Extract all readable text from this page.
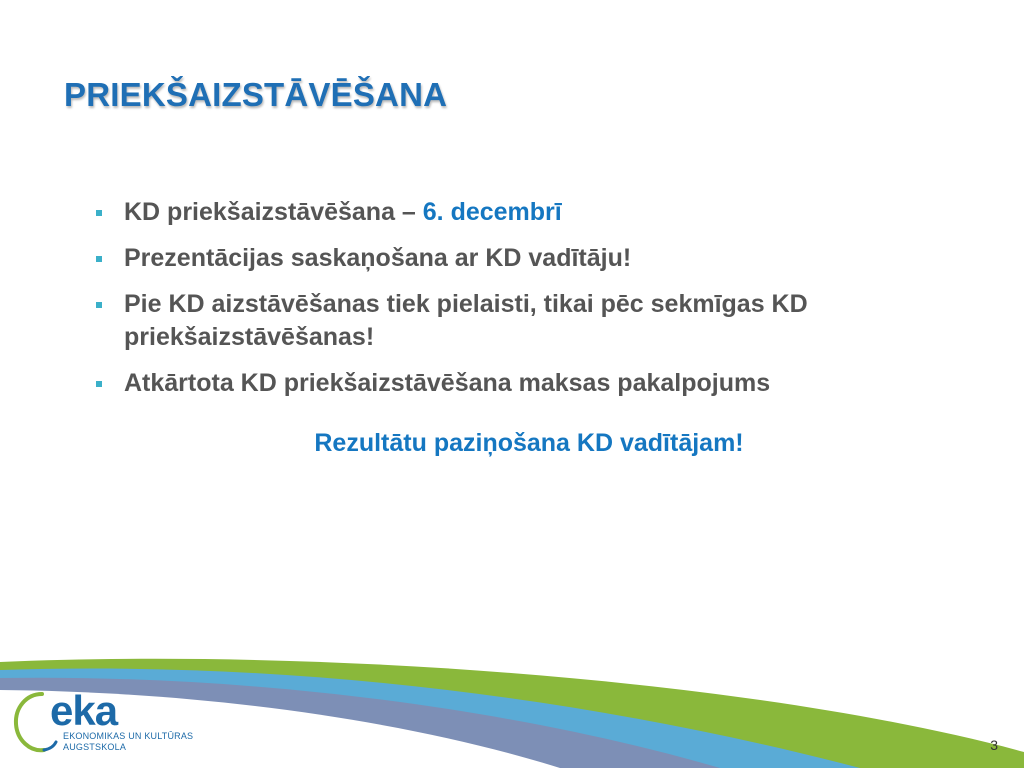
PRIEKŠAIZSTĀVĒŠANA
KD priekšaizstāvēšana – 6. decembrī
Prezentācijas saskaņošana ar KD vadītāju!
Pie KD aizstāvēšanas tiek pielaisti, tikai pēc sekmīgas KD priekšaizstāvēšanas!
Atkārtota KD priekšaizstāvēšana maksas pakalpojums

Rezultātu paziņošana KD vadītājam!

eka
EKONOMIKAS UN KULTŪRAS
AUGSTSKOLA	3
